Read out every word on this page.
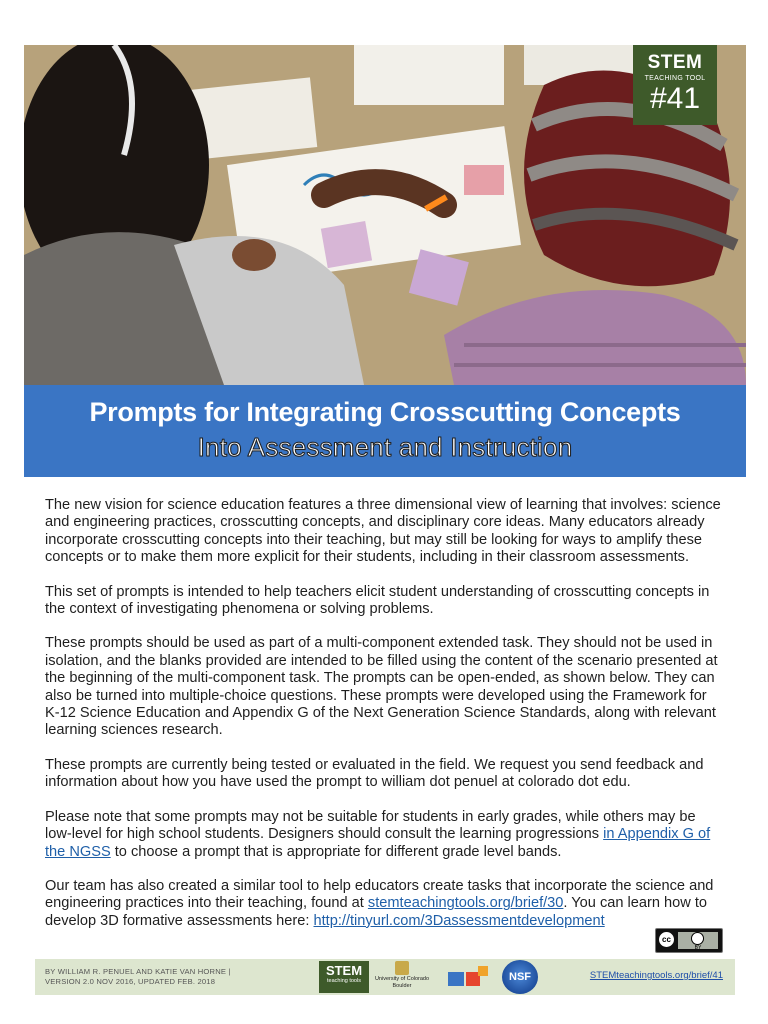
STEM
TEACHING TOOL
#41
Prompts for Integrating Crosscutting Concepts
Into Assessment and Instruction

The new vision for science education features a three dimensional view of learning that involves: science and engineering practices, crosscutting concepts, and disciplinary core ideas. Many educators already incorporate crosscutting concepts into their teaching, but may still be looking for ways to amplify these concepts or to make them more explicit for their students, including in their classroom assessments.

This set of prompts is intended to help teachers elicit student understanding of crosscutting concepts in the context of investigating phenomena or solving problems.

These prompts should be used as part of a multi-component extended task. They should not be used in isolation, and the blanks provided are intended to be filled using the content of the scenario presented at the beginning of the multi-component task. The prompts can be open-ended, as shown below. They can also be turned into multiple-choice questions. These prompts were developed using the Framework for K-12 Science Education and Appendix G of the Next Generation Science Standards, along with relevant learning sciences research.

These prompts are currently being tested or evaluated in the field. We request you send feedback and information about how you have used the prompt to william dot penuel at colorado dot edu.

Please note that some prompts may not be suitable for students in early grades, while others may be low-level for high school students. Designers should consult the learning progressions in Appendix G of the NGSS to choose a prompt that is appropriate for different grade level bands.

Our team has also created a similar tool to help educators create tasks that incorporate the science and engineering practices into their teaching, found at stemteachingtools.org/brief/30. You can learn how to develop 3D formative assessments here: http://tinyurl.com/3Dassessmentdevelopment

cc
BY
BY WILLIAM R. PENUEL AND KATIE VAN HORNE |
VERSION 2.0 NOV 2016, UPDATED FEB. 2018
STEM
teaching tools	University of Colorado
Boulder
NSF	STEMteachingtools.org/brief/41
